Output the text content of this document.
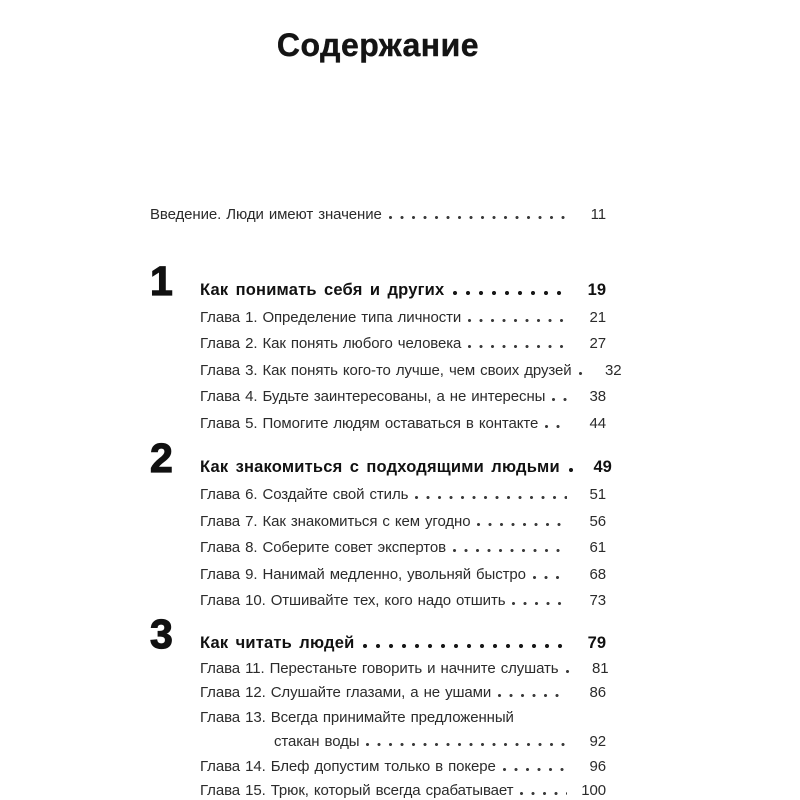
Содержание
Введение. Люди имеют значение	11
1	Как понимать себя и других	19
Глава 1. Определение типа личности	21
Глава 2. Как понять любого человека	27
Глава 3. Как понять кого-то лучше, чем своих друзей	32
Глава 4. Будьте заинтересованы, а не интересны	38
Глава 5. Помогите людям оставаться в контакте	44
2	Как знакомиться с подходящими людьми	49
Глава 6. Создайте свой стиль	51
Глава 7. Как знакомиться с кем угодно	56
Глава 8. Соберите совет экспертов	61
Глава 9. Нанимай медленно, увольняй быстро	68
Глава 10. Отшивайте тех, кого надо отшить	73
3	Как читать людей	79
Глава 11. Перестаньте говорить и начните слушать	81
Глава 12. Слушайте глазами, а не ушами	86
Глава 13. Всегда принимайте предложенный
стакан воды	92
Глава 14. Блеф допустим только в покере	96
Глава 15. Трюк, который всегда срабатывает	100
